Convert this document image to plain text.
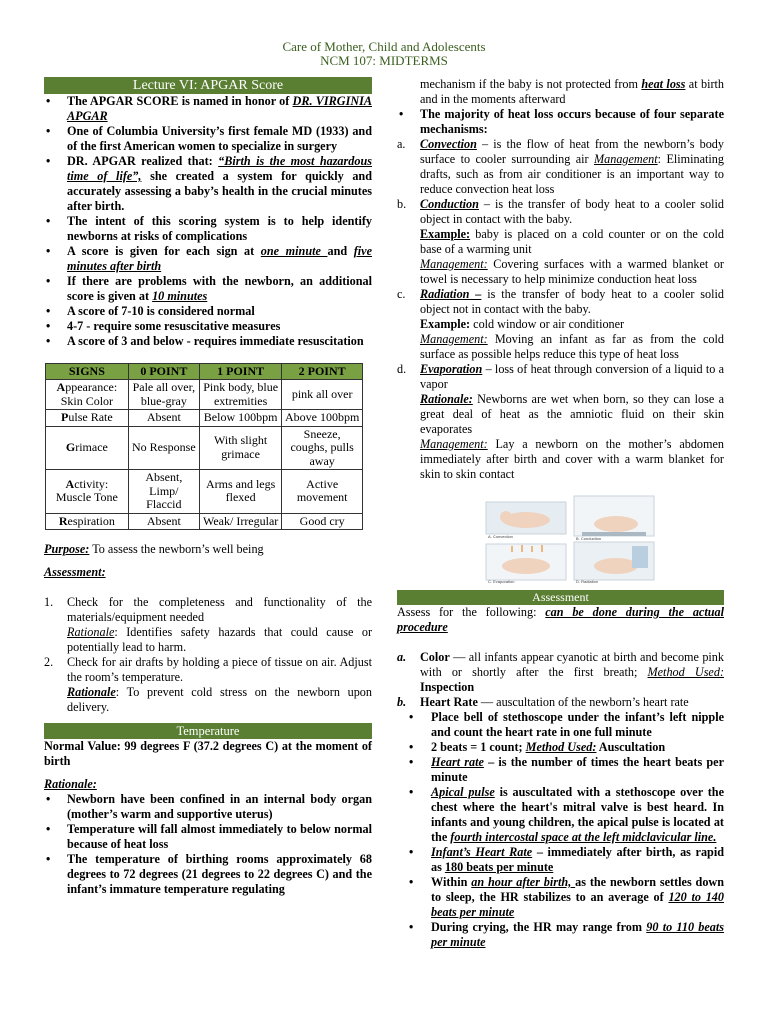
Care of Mother, Child and Adolescents
NCM 107: MIDTERMS
Lecture VI: APGAR Score
• The APGAR SCORE is named in honor of DR. VIRGINIA APGAR
• One of Columbia University’s first female MD (1933) and of the first American women to specialize in surgery
• DR. APGAR realized that: “Birth is the most hazardous time of life”, she created a system for quickly and accurately assessing a baby’s health in the crucial minutes after birth.
• The intent of this scoring system is to help identify newborns at risks of complications
• A score is given for each sign at one minute and five minutes after birth
• If there are problems with the newborn, an additional score is given at 10 minutes
• A score of 7-10 is considered normal
• 4-7 - require some resuscitative measures
• A score of 3 and below - requires immediate resuscitation
SIGNS	0 POINT	1 POINT	2 POINT
Appearance: Skin Color	Pale all over, blue-gray	Pink body, blue extremities	pink all over
Pulse Rate	Absent	Below 100bpm	Above 100bpm
Grimace	No Response	With slight grimace	Sneeze, coughs, pulls away
Activity: Muscle Tone	Absent, Limp/ Flaccid	Arms and legs flexed	Active movement
Respiration	Absent	Weak/ Irregular	Good cry

Purpose: To assess the newborn’s well being

Assessment:

1. Check for the completeness and functionality of the materials/equipment needed
Rationale: Identifies safety hazards that could cause or potentially lead to harm.
2. Check for air drafts by holding a piece of tissue on air. Adjust the room’s temperature.
Rationale: To prevent cold stress on the newborn upon delivery.
Temperature

Normal Value: 99 degrees F (37.2 degrees C) at the moment of birth

Rationale:

• Newborn have been confined in an internal body organ (mother’s warm and supportive uterus)
• Temperature will fall almost immediately to below normal because of heat loss
• The temperature of birthing rooms approximately 68 degrees to 72 degrees (21 degrees to 22 degrees C) and the infant’s immature temperature regulating
mechanism if the baby is not protected from heat loss at birth and in the moments afterward
• The majority of heat loss occurs because of four separate mechanisms:
a. Convection – is the flow of heat from the newborn’s body surface to cooler surrounding air Management: Eliminating drafts, such as from air conditioner is an important way to reduce convection heat loss
b. Conduction – is the transfer of body heat to a cooler solid object in contact with the baby.
Example: baby is placed on a cold counter or on the cold base of a warming unit
Management: Covering surfaces with a warmed blanket or towel is necessary to help minimize conduction heat loss
c. Radiation – is the transfer of body heat to a cooler solid object not in contact with the baby.
Example: cold window or air conditioner
Management: Moving an infant as far as from the cold surface as possible helps reduce this type of heat loss
d. Evaporation – loss of heat through conversion of a liquid to a vapor
Rationale: Newborns are wet when born, so they can lose a great deal of heat as the amniotic fluid on their skin evaporates
Management: Lay a newborn on the mother’s abdomen immediately after birth and cover with a warm blanket for skin to skin contact
A. Convection	B. Conduction
C. Evaporation	D. Radiation
Assessment

Assess for the following: can be done during the actual procedure

a. Color — all infants appear cyanotic at birth and become pink with or shortly after the first breath; Method Used: Inspection
b. Heart Rate — auscultation of the newborn’s heart rate
• Place bell of stethoscope under the infant’s left nipple and count the heart rate in one full minute
• 2 beats = 1 count; Method Used: Auscultation
• Heart rate – is the number of times the heart beats per minute
• Apical pulse is auscultated with a stethoscope over the chest where the heart's mitral valve is best heard. In infants and young children, the apical pulse is located at the fourth intercostal space at the left midclavicular line.
• Infant’s Heart Rate – immediately after birth, as rapid as 180 beats per minute
• Within an hour after birth, as the newborn settles down to sleep, the HR stabilizes to an average of 120 to 140 beats per minute
• During crying, the HR may range from 90 to 110 beats per minute
